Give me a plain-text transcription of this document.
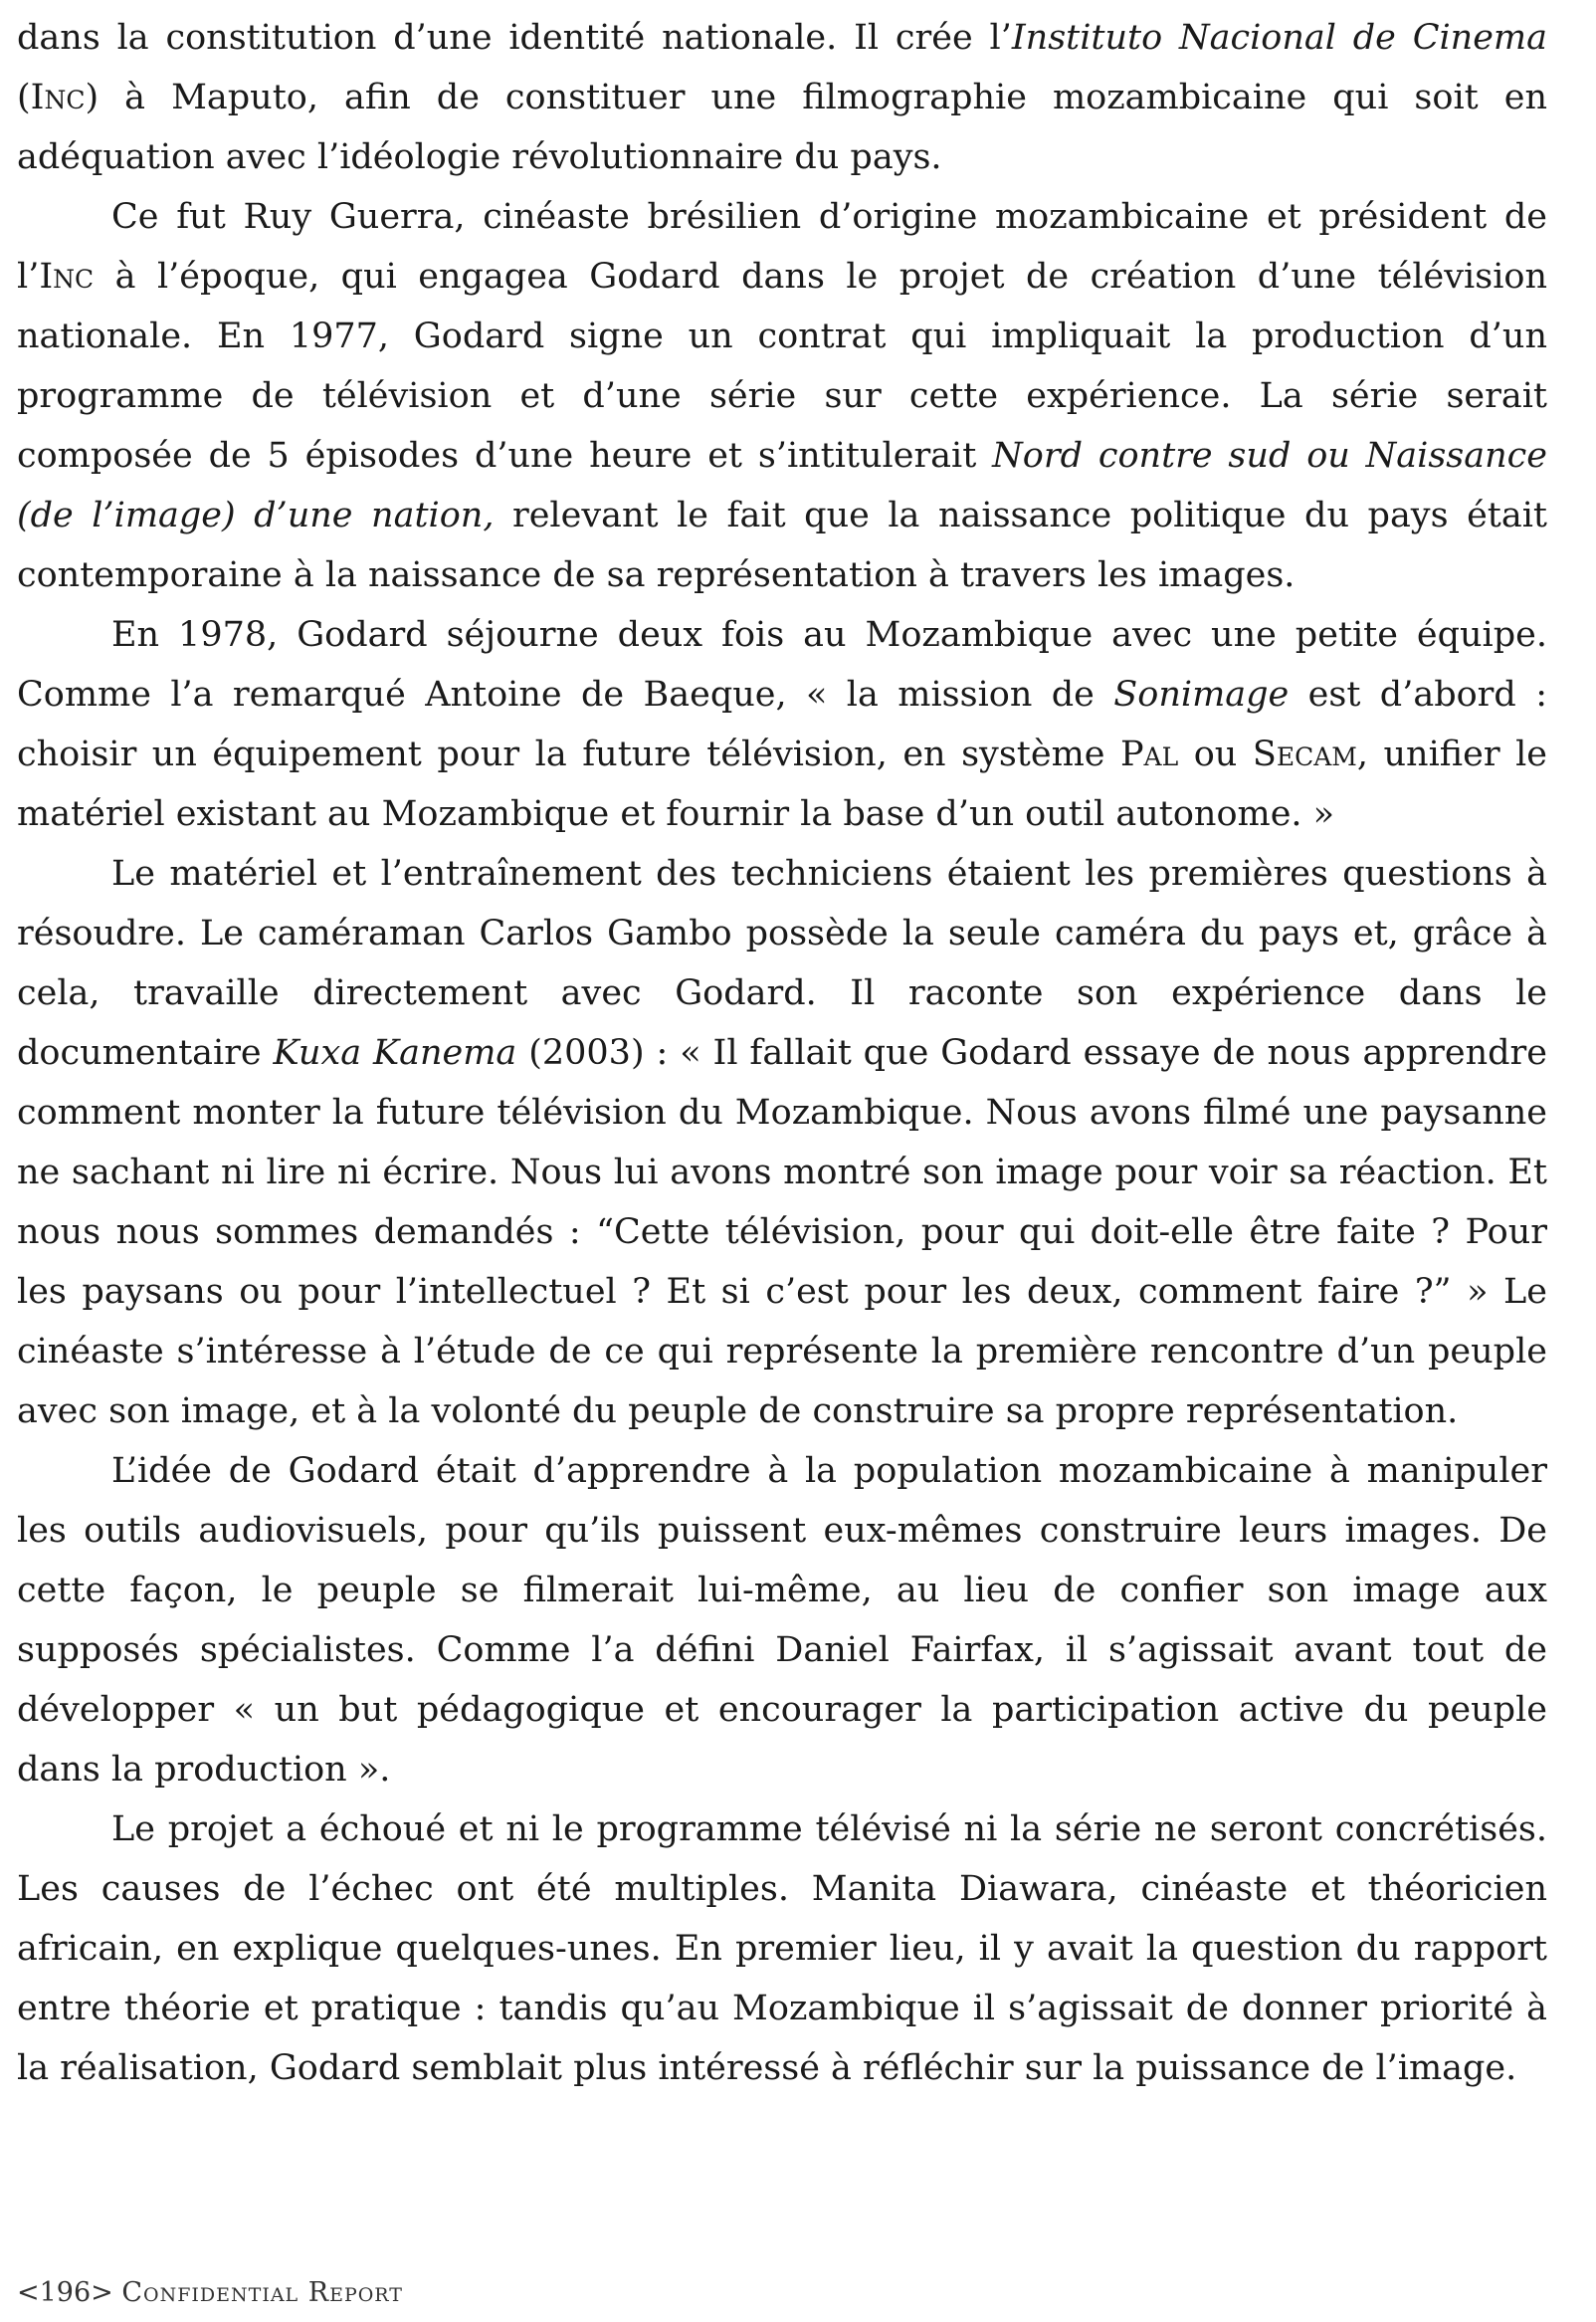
dans la constitution d’une identité nationale. Il crée l’Instituto Nacional de Cinema (Inc) à Maputo, afin de constituer une filmographie mozambicaine qui soit en adéquation avec l’idéologie révolutionnaire du pays.

Ce fut Ruy Guerra, cinéaste brésilien d’origine mozambicaine et président de l’Inc à l’époque, qui engagea Godard dans le projet de création d’une télévision nationale. En 1977, Godard signe un contrat qui impliquait la production d’un programme de télévision et d’une série sur cette expérience. La série serait composée de 5 épisodes d’une heure et s’intitulerait Nord contre sud ou Naissance (de l’image) d’une nation, relevant le fait que la naissance politique du pays était contemporaine à la naissance de sa représentation à travers les images.

En 1978, Godard séjourne deux fois au Mozambique avec une petite équipe. Comme l’a remarqué Antoine de Baeque, « la mission de Sonimage est d’abord : choisir un équipement pour la future télévision, en système Pal ou Secam, unifier le matériel existant au Mozambique et fournir la base d’un outil autonome. »

Le matériel et l’entraînement des techniciens étaient les premières questions à résoudre. Le caméraman Carlos Gambo possède la seule caméra du pays et, grâce à cela, travaille directement avec Godard. Il raconte son expérience dans le documentaire Kuxa Kanema (2003) : « Il fallait que Godard essaye de nous apprendre comment monter la future télévision du Mozambique. Nous avons filmé une paysanne ne sachant ni lire ni écrire. Nous lui avons montré son image pour voir sa réaction. Et nous nous sommes demandés : “Cette télévision, pour qui doit-elle être faite ? Pour les paysans ou pour l’intellectuel ? Et si c’est pour les deux, comment faire ?” » Le cinéaste s’intéresse à l’étude de ce qui représente la première rencontre d’un peuple avec son image, et à la volonté du peuple de construire sa propre représentation.

L’idée de Godard était d’apprendre à la population mozambicaine à manipuler les outils audiovisuels, pour qu’ils puissent eux-mêmes construire leurs images. De cette façon, le peuple se filmerait lui-même, au lieu de confier son image aux supposés spécialistes. Comme l’a défini Daniel Fairfax, il s’agissait avant tout de développer « un but pédagogique et encourager la participation active du peuple dans la production ».

Le projet a échoué et ni le programme télévisé ni la série ne seront concrétisés. Les causes de l’échec ont été multiples. Manita Diawara, cinéaste et théoricien africain, en explique quelques-unes. En premier lieu, il y avait la question du rapport entre théorie et pratique : tandis qu’au Mozambique il s’agissait de donner priorité à la réalisation, Godard semblait plus intéressé à réfléchir sur la puissance de l’image.

<196> Confidential Report
